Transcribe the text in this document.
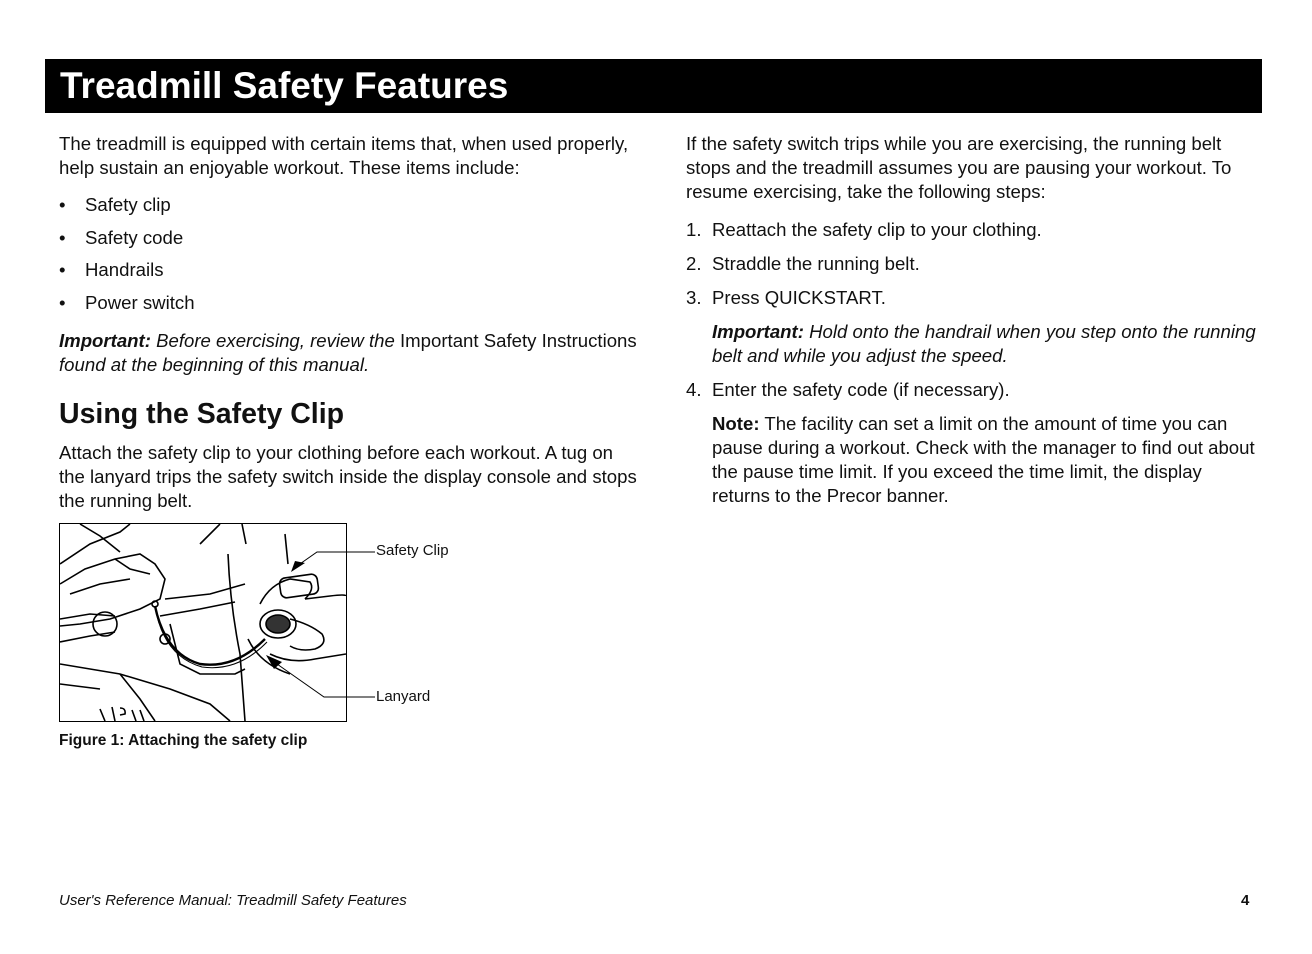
Treadmill Safety Features

The treadmill is equipped with certain items that, when used properly, help sustain an enjoyable workout. These items include:

• Safety clip
• Safety code
• Handrails
• Power switch

Important: Before exercising, review the Important Safety Instructions found at the beginning of this manual.

Using the Safety Clip

Attach the safety clip to your clothing before each workout. A tug on the lanyard trips the safety switch inside the display console and stops the running belt.

Safety Clip
Lanyard
Figure 1: Attaching the safety clip

If the safety switch trips while you are exercising, the running belt stops and the treadmill assumes you are pausing your workout. To resume exercising, take the following steps:

1. Reattach the safety clip to your clothing.
2. Straddle the running belt.
3. Press QUICKSTART.

Important: Hold onto the handrail when you step onto the running belt and while you adjust the speed.

4. Enter the safety code (if necessary).

Note: The facility can set a limit on the amount of time you can pause during a workout. Check with the manager to find out about the pause time limit. If you exceed the time limit, the display returns to the Precor banner.

User's Reference Manual: Treadmill Safety Features	4
